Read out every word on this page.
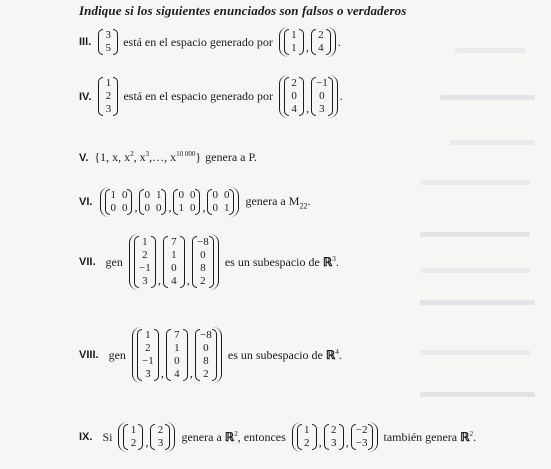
Indique si los siguientes enunciados son falsos o verdaderos
III.
3
5 está en el espacio generado por 1
1 ,
2
4 .
IV.
1
2
3
está en el espacio generado por
2
0
4 ,
−1
0
3
.
V. {1, x, $x^2$, $x^3,\dots$, $x^{10 000}$} genera a P.
VI.
1 0
0 0 ,
0 1
0 0 ,
0 0
1 0 ,
0 0
0 1
genera a $M_{22}$.
VII. gen
1
2
−1
3 ,
7
1
0
4 ,
−8
0
8
2
es un subespacio de ℝ$^3$.
VIII. gen
1
2
−1
3 ,
7
1
0
4 ,
−8
0
8
2
es un subespacio de ℝ$^4$.
IX. Si 1
2 ,
2
3 genera a ℝ$^2$, entonces 1
2 ,
2
3 ,
−2
−3 también genera ℝ$^2$.
